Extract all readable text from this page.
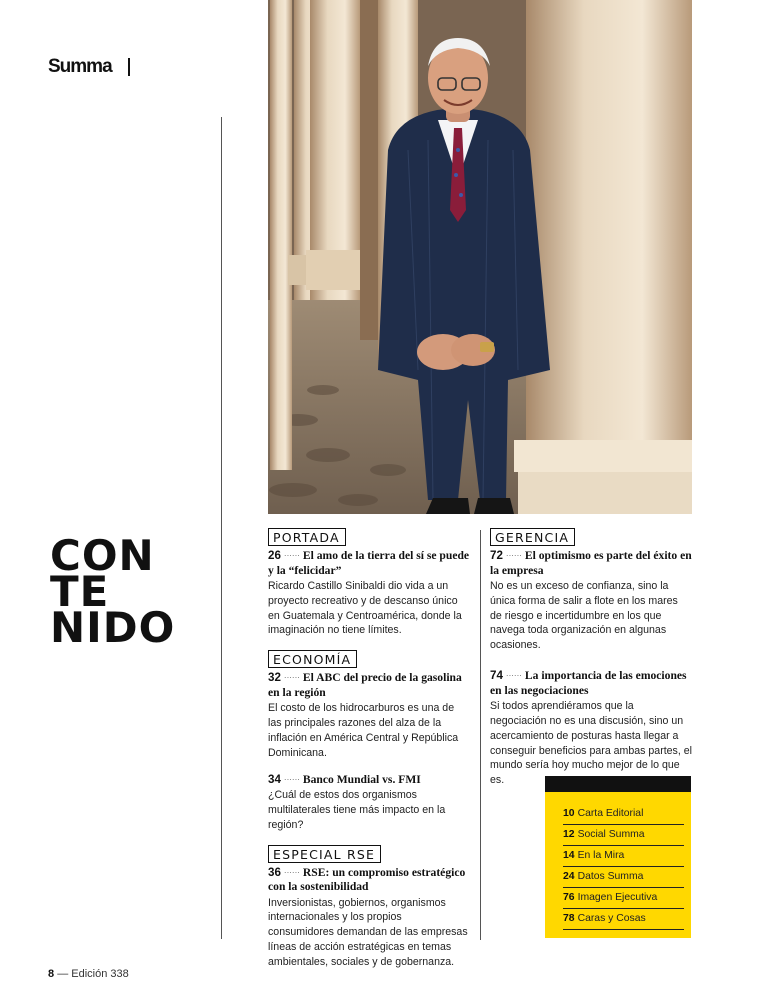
Summa
CON
TE
NIDO
PORTADA
26 ······ El amo de la tierra del sí se puede y la “felicidar”
Ricardo Castillo Sinibaldi dio vida a un proyecto recreativo y de descanso único en Guatemala y Centroamérica, donde la imaginación no tiene límites.
ECONOMÍA
32 ······ El ABC del precio de la gasolina en la región
El costo de los hidrocarburos es una de las principales razones del alza de la inflación en América Central y República Dominicana.
34 ······ Banco Mundial vs. FMI
¿Cuál de estos dos organismos multilaterales tiene más impacto en la región?
ESPECIAL RSE
36 ······ RSE: un compromiso estratégico con la sostenibilidad
Inversionistas, gobiernos, organismos internacionales y los propios consumidores demandan de las empresas líneas de acción estratégicas en temas ambientales, sociales y de gobernanza.
GERENCIA
72 ······ El optimismo es parte del éxito en la empresa
No es un exceso de confianza, sino la única forma de salir a flote en los mares de riesgo e incertidumbre en los que navega toda organización en algunas ocasiones.
74 ······ La importancia de las emociones en las negociaciones
Si todos aprendiéramos que la negociación no es una discusión, sino un acercamiento de posturas hasta llegar a conseguir beneficios para ambas partes, el mundo sería hoy mucho mejor de lo que es.
10 Carta Editorial
12 Social Summa
14 En la Mira
24 Datos Summa
76 Imagen Ejecutiva
78 Caras y Cosas
8 — Edición 338
